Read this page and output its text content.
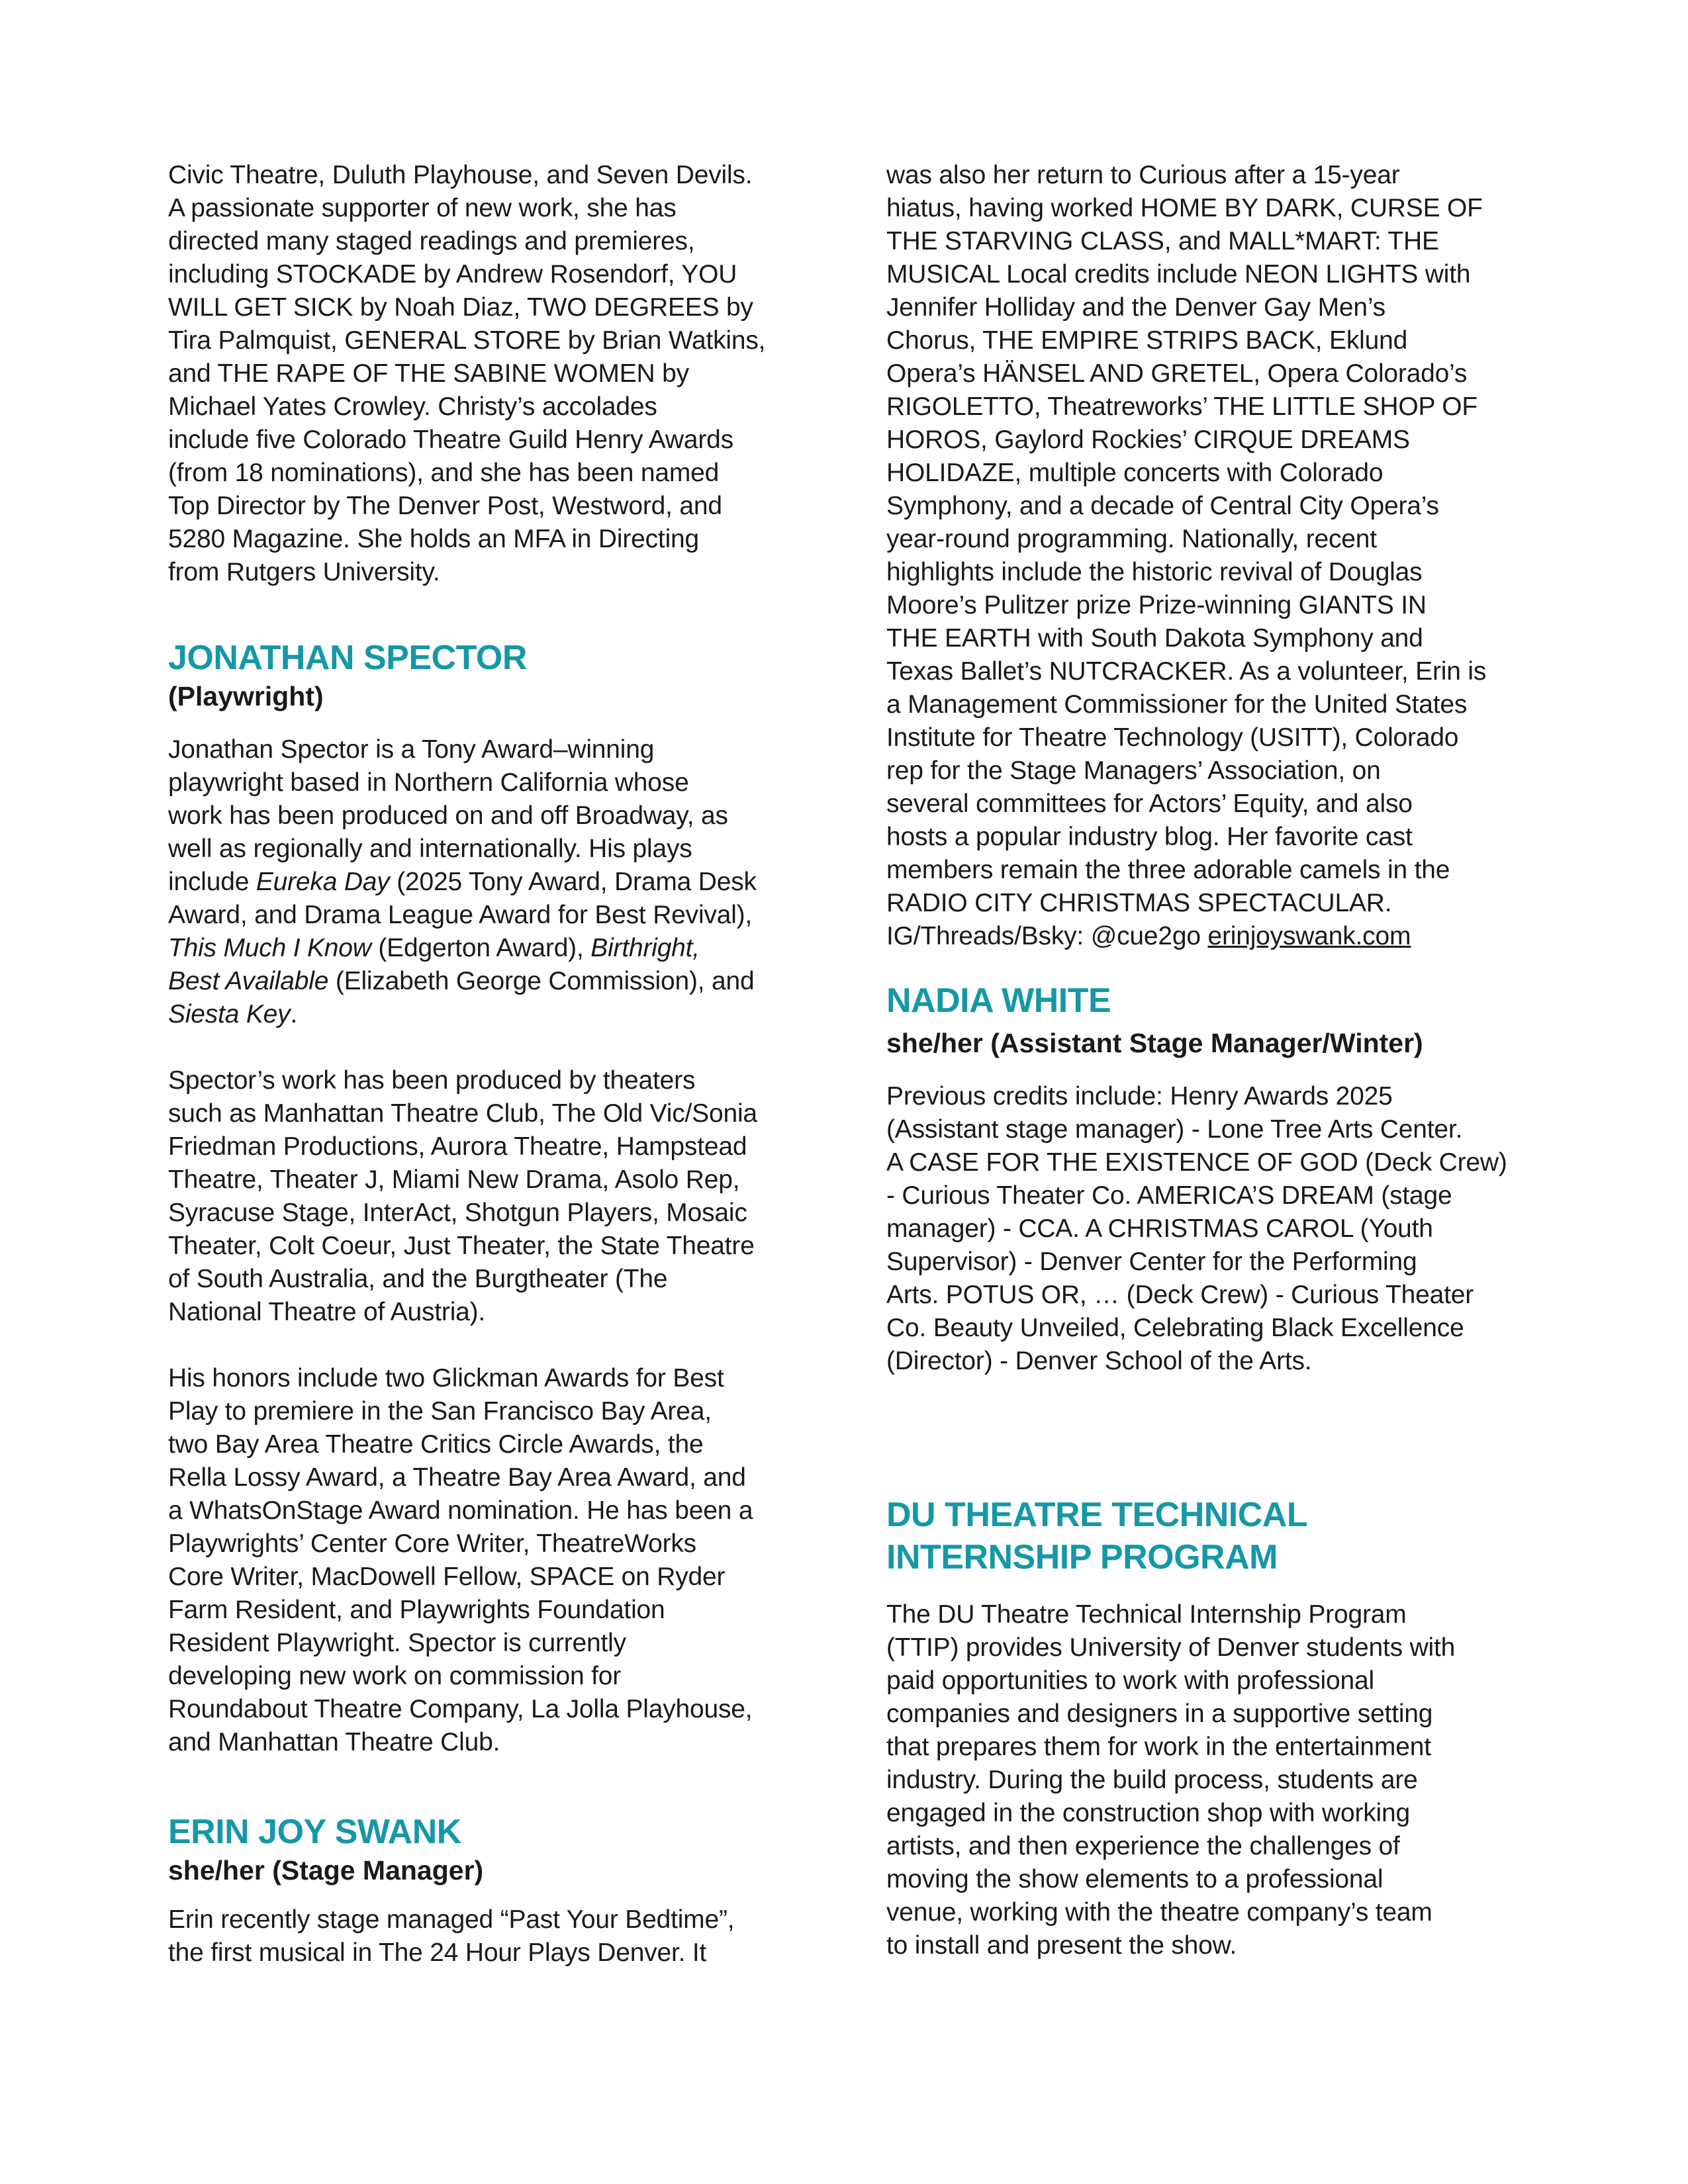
Civic Theatre, Duluth Playhouse, and Seven Devils.
A passionate supporter of new work, she has
directed many staged readings and premieres,
including STOCKADE by Andrew Rosendorf, YOU
WILL GET SICK by Noah Diaz, TWO DEGREES by
Tira Palmquist, GENERAL STORE by Brian Watkins,
and THE RAPE OF THE SABINE WOMEN by
Michael Yates Crowley. Christy’s accolades
include five Colorado Theatre Guild Henry Awards
(from 18 nominations), and she has been named
Top Director by The Denver Post, Westword, and
5280 Magazine. She holds an MFA in Directing
from Rutgers University.

JONATHAN SPECTOR

(Playwright)

Jonathan Spector is a Tony Award–winning
playwright based in Northern California whose
work has been produced on and off Broadway, as
well as regionally and internationally. His plays
include Eureka Day (2025 Tony Award, Drama Desk
Award, and Drama League Award for Best Revival),
This Much I Know (Edgerton Award), Birthright,
Best Available (Elizabeth George Commission), and
Siesta Key.

Spector’s work has been produced by theaters
such as Manhattan Theatre Club, The Old Vic/Sonia
Friedman Productions, Aurora Theatre, Hampstead
Theatre, Theater J, Miami New Drama, Asolo Rep,
Syracuse Stage, InterAct, Shotgun Players, Mosaic
Theater, Colt Coeur, Just Theater, the State Theatre
of South Australia, and the Burgtheater (The
National Theatre of Austria).

His honors include two Glickman Awards for Best
Play to premiere in the San Francisco Bay Area,
two Bay Area Theatre Critics Circle Awards, the
Rella Lossy Award, a Theatre Bay Area Award, and
a WhatsOnStage Award nomination. He has been a
Playwrights’ Center Core Writer, TheatreWorks
Core Writer, MacDowell Fellow, SPACE on Ryder
Farm Resident, and Playwrights Foundation
Resident Playwright. Spector is currently
developing new work on commission for
Roundabout Theatre Company, La Jolla Playhouse,
and Manhattan Theatre Club.

ERIN JOY SWANK

she/her (Stage Manager)

Erin recently stage managed “Past Your Bedtime”,
the first musical in The 24 Hour Plays Denver. It

was also her return to Curious after a 15-year
hiatus, having worked HOME BY DARK, CURSE OF
THE STARVING CLASS, and MALL*MART: THE
MUSICAL Local credits include NEON LIGHTS with
Jennifer Holliday and the Denver Gay Men’s
Chorus, THE EMPIRE STRIPS BACK, Eklund
Opera’s HÄNSEL AND GRETEL, Opera Colorado’s
RIGOLETTO, Theatreworks’ THE LITTLE SHOP OF
HOROS, Gaylord Rockies’ CIRQUE DREAMS
HOLIDAZE, multiple concerts with Colorado
Symphony, and a decade of Central City Opera’s
year-round programming. Nationally, recent
highlights include the historic revival of Douglas
Moore’s Pulitzer prize Prize-winning GIANTS IN
THE EARTH with South Dakota Symphony and
Texas Ballet’s NUTCRACKER. As a volunteer, Erin is
a Management Commissioner for the United States
Institute for Theatre Technology (USITT), Colorado
rep for the Stage Managers’ Association, on
several committees for Actors’ Equity, and also
hosts a popular industry blog. Her favorite cast
members remain the three adorable camels in the
RADIO CITY CHRISTMAS SPECTACULAR.
IG/Threads/Bsky: @cue2go erinjoyswank.com

NADIA WHITE

she/her (Assistant Stage Manager/Winter)

Previous credits include: Henry Awards 2025
(Assistant stage manager) - Lone Tree Arts Center.
A CASE FOR THE EXISTENCE OF GOD (Deck Crew)
- Curious Theater Co. AMERICA’S DREAM (stage
manager) - CCA. A CHRISTMAS CAROL (Youth
Supervisor) - Denver Center for the Performing
Arts. POTUS OR, … (Deck Crew) - Curious Theater
Co. Beauty Unveiled, Celebrating Black Excellence
(Director) - Denver School of the Arts.

DU THEATRE TECHNICAL
INTERNSHIP PROGRAM

The DU Theatre Technical Internship Program
(TTIP) provides University of Denver students with
paid opportunities to work with professional
companies and designers in a supportive setting
that prepares them for work in the entertainment
industry. During the build process, students are
engaged in the construction shop with working
artists, and then experience the challenges of
moving the show elements to a professional
venue, working with the theatre company’s team
to install and present the show.
